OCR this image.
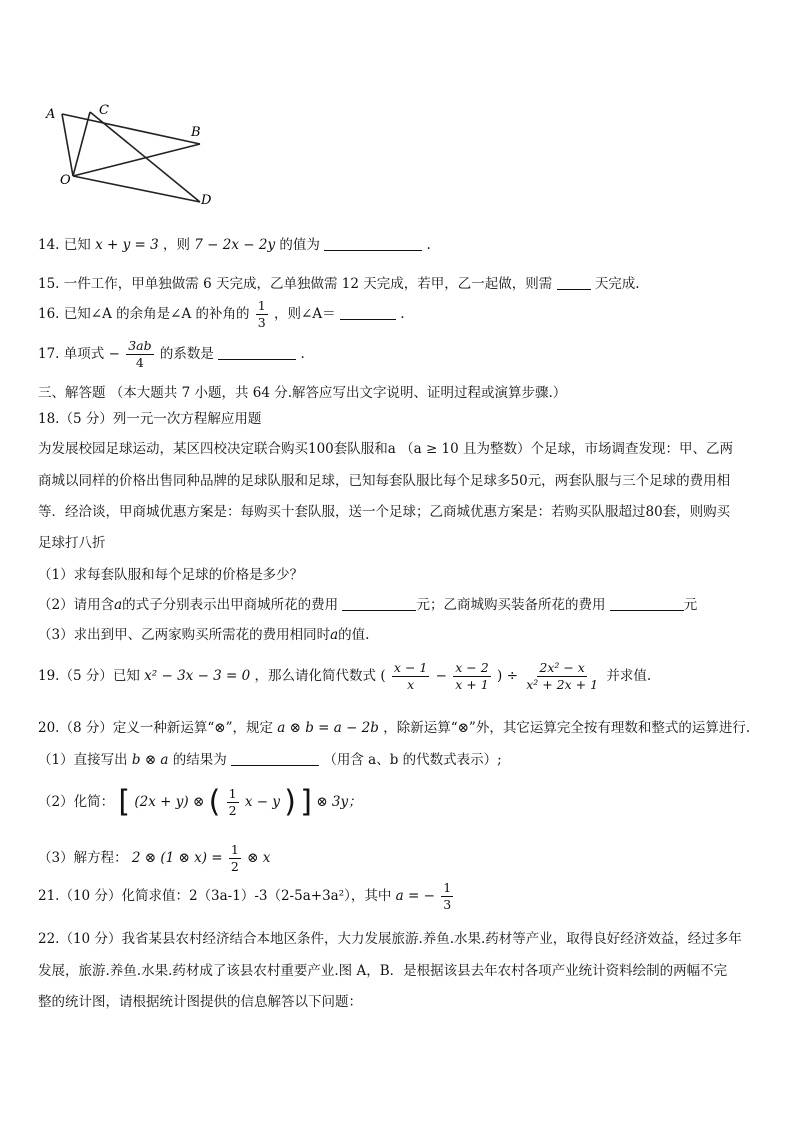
A	C
B
O
D
14. 已知 x + y = 3 ，则 7 − 2x − 2y 的值为	.
15. 一件工作，甲单独做需 6 天完成，乙单独做需 12 天完成，若甲，乙一起做，则需	天完成.
16. 已知∠A 的余角是∠A 的补角的 $\frac{1}{3}$ ，则∠A＝	.
17. 单项式 − $\frac{3ab}{4}$ 的系数是	.
三、解答题 （本大题共 7 小题，共 64 分.解答应写出文字说明、证明过程或演算步骤.）
18.（5 分）列一元一次方程解应用题
为发展校园足球运动，某区四校决定联合购买100套队服和a （a ≥ 10 且为整数）个足球，市场调查发现：甲、乙两
商城以同样的价格出售同种品牌的足球队服和足球，已知每套队服比每个足球多50元，两套队服与三个足球的费用相
等．经洽谈，甲商城优惠方案是：每购买十套队服，送一个足球；乙商城优惠方案是：若购买队服超过80套，则购买
足球打八折
（1）求每套队服和每个足球的价格是多少？
（2）请用含a的式子分别表示出甲商城所花的费用	元；乙商城购买装备所花的费用	元
（3）求出到甲、乙两家购买所需花的费用相同时a的值.
19.（5 分）已知 x² − 3x − 3 = 0 ，那么请化简代数式 ( $\frac{x - 1}{x} - \frac{x - 2}{x + 1}$ ) ÷ $\frac{\text{2x² − x}}{\text{x² + 2x + 1}}$ 并求值.
20.（8 分）定义一种新运算“⊗”，规定 a ⊗ b = a − 2b ，除新运算“⊗”外，其它运算完全按有理数和整式的运算进行.
（1）直接写出 b ⊗ a 的结果为	（用含 a、b 的代数式表示）;
（2）化简： [ (2x + y) ⊗ ( $\frac{1}{2}$ x − y ) ] ⊗ 3y；
（3）解方程： 2 ⊗ (1 ⊗ $x) = \frac{1}{2}$ ⊗ x
21.（10 分）化简求值：2（3a-1）-3（2-5a+3a²），其中 a = − $\frac{1}{3}$
22.（10 分）我省某县农村经济结合本地区条件，大力发展旅游.养鱼.水果.药材等产业，取得良好经济效益，经过多年
发展，旅游.养鱼.水果.药材成了该县农村重要产业.图 A，B．是根据该县去年农村各项产业统计资料绘制的两幅不完
整的统计图，请根据统计图提供的信息解答以下问题：
